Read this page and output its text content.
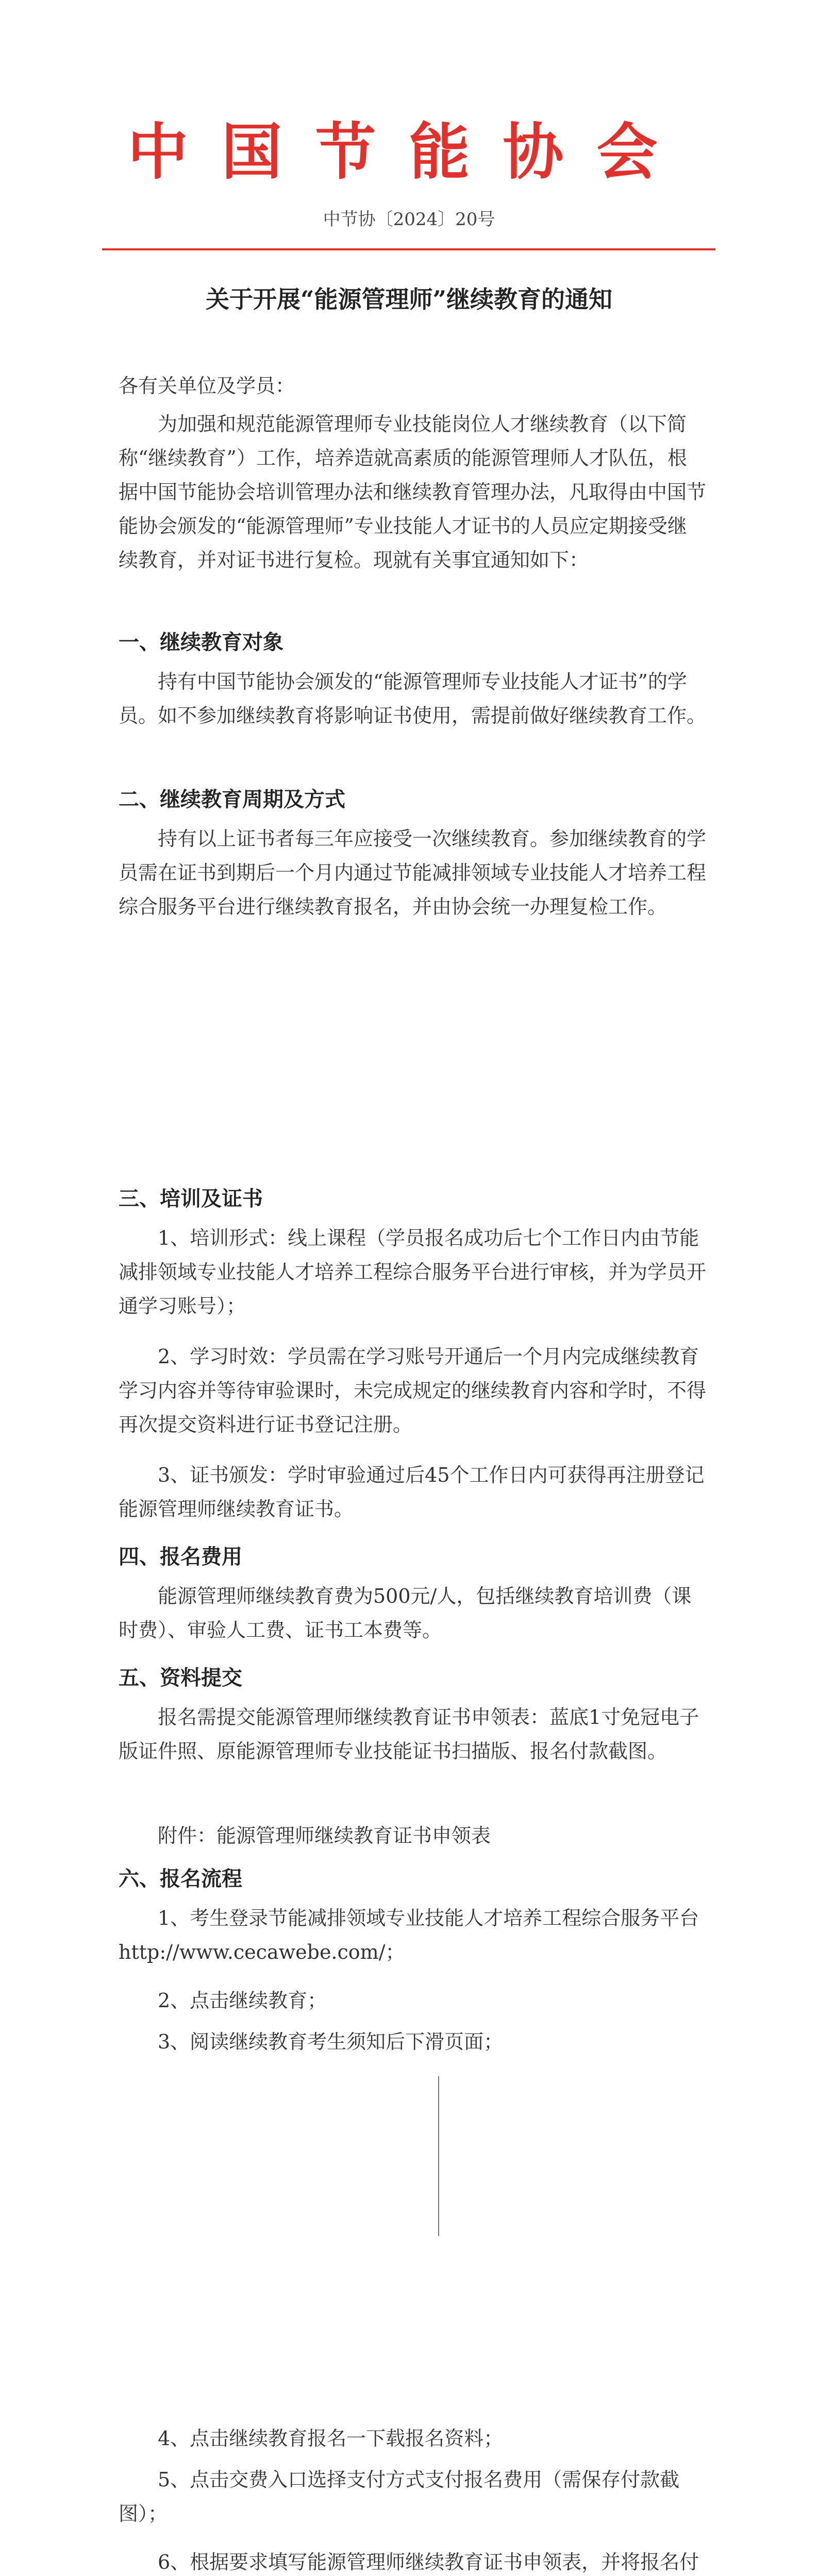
中国节能协会
中节协〔2024〕20号
关于开展“能源管理师”继续教育的通知
各有关单位及学员：
为加强和规范能源管理师专业技能岗位人才继续教育（以下简称“继续教育”）工作，培养造就高素质的能源管理师人才队伍，根据中国节能协会培训管理办法和继续教育管理办法，凡取得由中国节能协会颁发的“能源管理师”专业技能人才证书的人员应定期接受继续教育，并对证书进行复检。现就有关事宜通知如下：
一、继续教育对象
持有中国节能协会颁发的“能源管理师专业技能人才证书”的学员。如不参加继续教育将影响证书使用，需提前做好继续教育工作。
二、继续教育周期及方式
持有以上证书者每三年应接受一次继续教育。参加继续教育的学员需在证书到期后一个月内通过节能减排领域专业技能人才培养工程综合服务平台进行继续教育报名，并由协会统一办理复检工作。
三、培训及证书
1、培训形式：线上课程（学员报名成功后七个工作日内由节能减排领域专业技能人才培养工程综合服务平台进行审核，并为学员开通学习账号）；
2、学习时效：学员需在学习账号开通后一个月内完成继续教育学习内容并等待审验课时，未完成规定的继续教育内容和学时，不得再次提交资料进行证书登记注册。
3、证书颁发：学时审验通过后45个工作日内可获得再注册登记能源管理师继续教育证书。
四、报名费用
能源管理师继续教育费为500元/人，包括继续教育培训费（课时费）、审验人工费、证书工本费等。
五、资料提交
报名需提交能源管理师继续教育证书申领表：蓝底1寸免冠电子版证件照、原能源管理师专业技能证书扫描版、报名付款截图。
附件：能源管理师继续教育证书申领表
六、报名流程
1、考生登录节能减排领域专业技能人才培养工程综合服务平台 http://www.cecawebe.com/；
2、点击继续教育；
3、阅读继续教育考生须知后下滑页面；
4、点击继续教育报名一下载报名资料；
5、点击交费入口选择支付方式支付报名费用（需保存付款截图）；
6、根据要求填写能源管理师继续教育证书申领表，并将报名付
